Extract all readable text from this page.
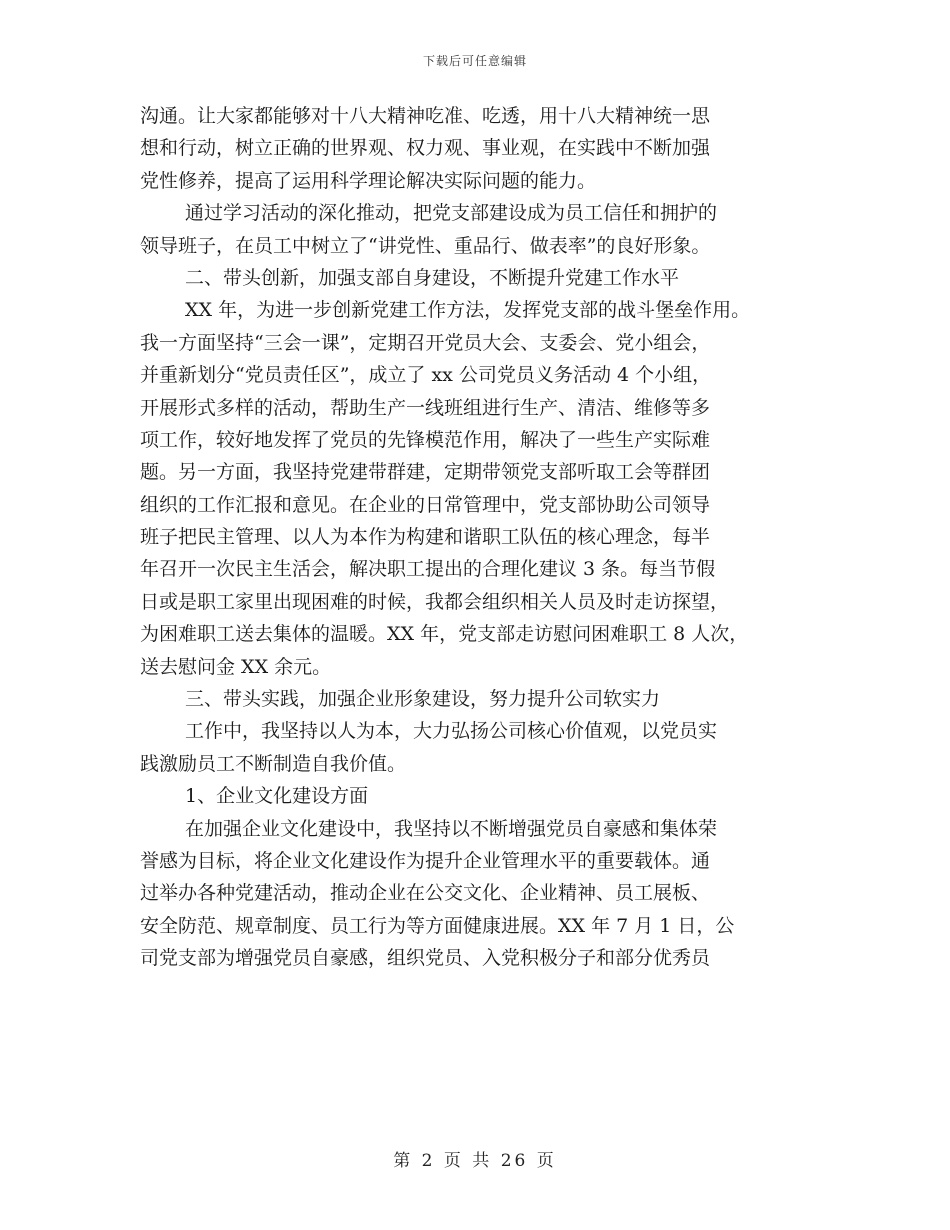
下载后可任意编辑
沟通。让大家都能够对十八大精神吃准、吃透，用十八大精神统一思
想和行动，树立正确的世界观、权力观、事业观，在实践中不断加强
党性修养，提高了运用科学理论解决实际问题的能力。
通过学习活动的深化推动，把党支部建设成为员工信任和拥护的
领导班子，在员工中树立了“讲党性、重品行、做表率”的良好形象。
二、带头创新，加强支部自身建设，不断提升党建工作水平
XX 年，为进一步创新党建工作方法，发挥党支部的战斗堡垒作用。
我一方面坚持“三会一课”，定期召开党员大会、支委会、党小组会，
并重新划分“党员责任区”，成立了 xx 公司党员义务活动 4 个小组，
开展形式多样的活动，帮助生产一线班组进行生产、清洁、维修等多
项工作，较好地发挥了党员的先锋模范作用，解决了一些生产实际难
题。另一方面，我坚持党建带群建，定期带领党支部听取工会等群团
组织的工作汇报和意见。在企业的日常管理中，党支部协助公司领导
班子把民主管理、以人为本作为构建和谐职工队伍的核心理念，每半
年召开一次民主生活会，解决职工提出的合理化建议 3 条。每当节假
日或是职工家里出现困难的时候，我都会组织相关人员及时走访探望，
为困难职工送去集体的温暖。XX 年，党支部走访慰问困难职工 8 人次，
送去慰问金 XX 余元。
三、带头实践，加强企业形象建设，努力提升公司软实力
工作中，我坚持以人为本，大力弘扬公司核心价值观，以党员实
践激励员工不断制造自我价值。
1、企业文化建设方面
在加强企业文化建设中，我坚持以不断增强党员自豪感和集体荣
誉感为目标，将企业文化建设作为提升企业管理水平的重要载体。通
过举办各种党建活动，推动企业在公交文化、企业精神、员工展板、
安全防范、规章制度、员工行为等方面健康进展。XX 年 7 月 1 日，公
司党支部为增强党员自豪感，组织党员、入党积极分子和部分优秀员
第 2 页 共 26 页
